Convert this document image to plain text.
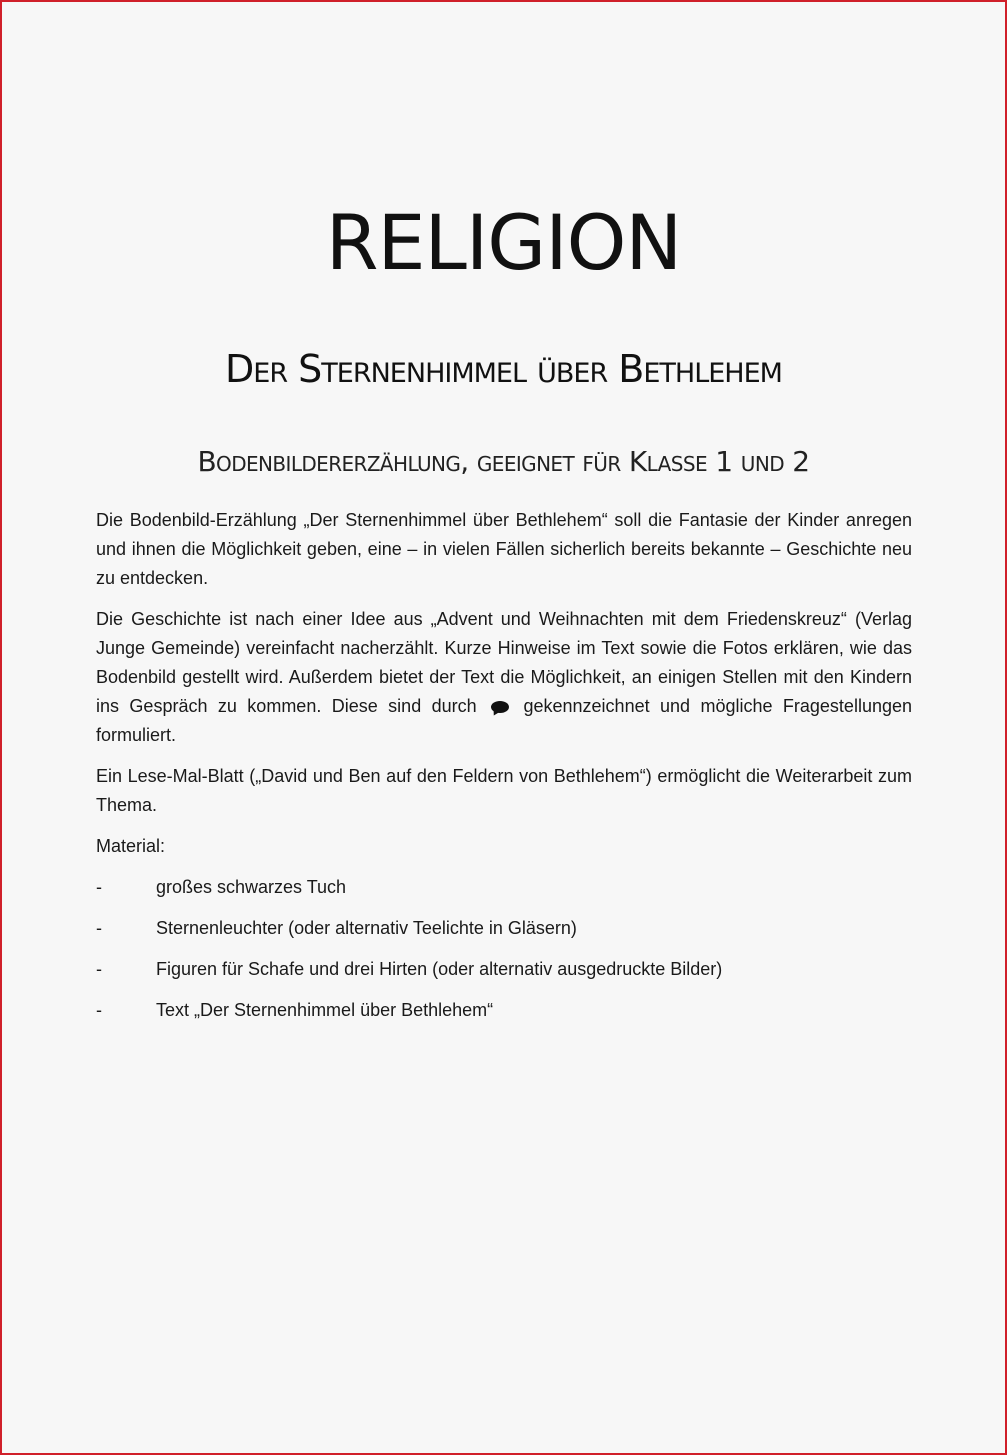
RELIGION
Der Sternenhimmel über Bethlehem
Bodenbildererzählung, geeignet für Klasse 1 und 2

Die Bodenbild-Erzählung „Der Sternenhimmel über Bethlehem“ soll die Fantasie der Kinder anregen und ihnen die Möglichkeit geben, eine – in vielen Fällen sicherlich bereits bekannte – Geschichte neu zu entdecken.

Die Geschichte ist nach einer Idee aus „Advent und Weihnachten mit dem Friedenskreuz“ (Verlag Junge Gemeinde) vereinfacht nacherzählt. Kurze Hinweise im Text sowie die Fotos erklären, wie das Bodenbild gestellt wird. Außerdem bietet der Text die Möglichkeit, an einigen Stellen mit den Kindern ins Gespräch zu kommen. Diese sind durch  gekennzeichnet und mögliche Fragestellungen formuliert.

Ein Lese-Mal-Blatt („David und Ben auf den Feldern von Bethlehem“) ermöglicht die Weiterarbeit zum Thema.

Material:

-	großes schwarzes Tuch
-	Sternenleuchter (oder alternativ Teelichte in Gläsern)
-	Figuren für Schafe und drei Hirten (oder alternativ ausgedruckte Bilder)
-	Text „Der Sternenhimmel über Bethlehem“
